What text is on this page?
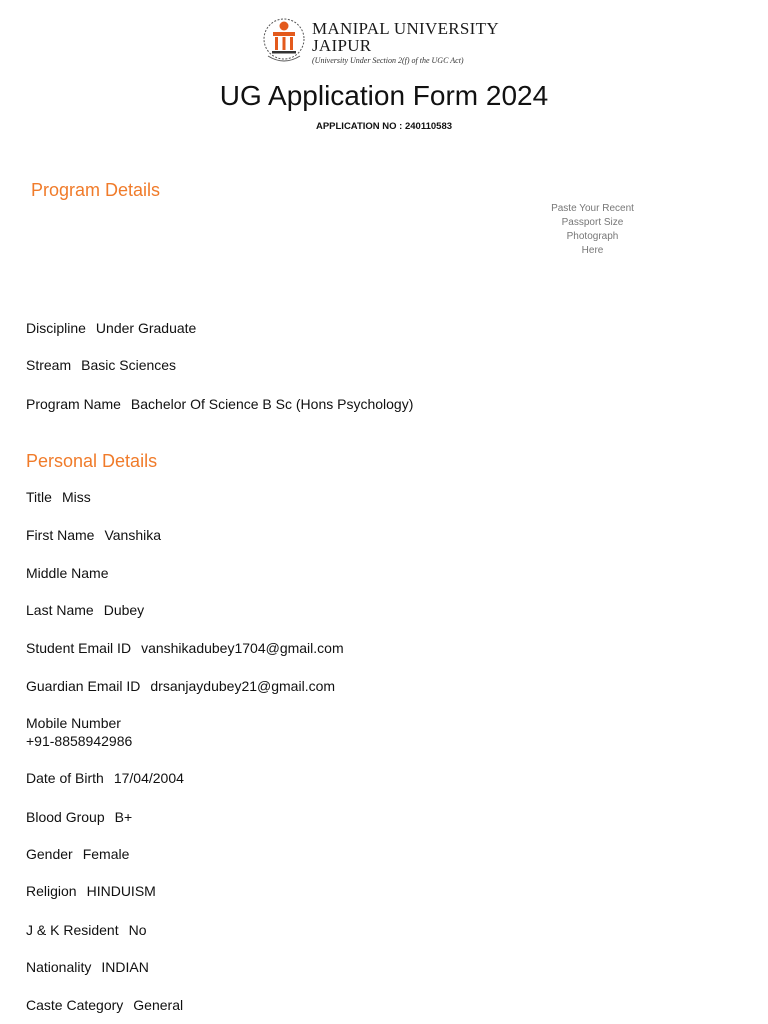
MANIPAL UNIVERSITY
JAIPUR
(University Under Section 2(f) of the UGC Act)
UG Application Form 2024
APPLICATION NO : 240110583
Program Details
Paste Your Recent
Passport Size
Photograph
Here
Discipline Under Graduate
Stream Basic Sciences
Program Name Bachelor Of Science B Sc (Hons Psychology)
Personal Details
Title Miss
First Name Vanshika
Middle Name
Last Name Dubey
Student Email ID vanshikadubey1704@gmail.com
Guardian Email ID drsanjaydubey21@gmail.com
Mobile Number
+91-8858942986
Date of Birth 17/04/2004
Blood Group B+
Gender Female
Religion HINDUISM
J & K Resident No
Nationality INDIAN
Caste Category General
